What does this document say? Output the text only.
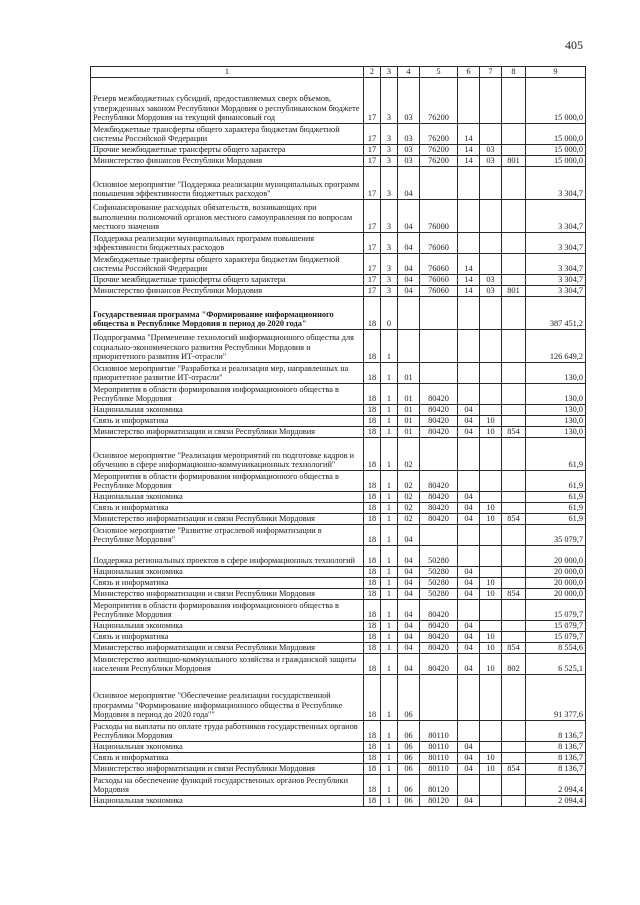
405
1	2	3	4	5	6	7	8	9
Резерв межбюджетных субсидий, предоставляемых сверх объемов, утвержденных законом Республики Мордовия о республиканском бюджете Республики Мордовия на текущий финансовый год	17	3	03	76200				15 000,0
Межбюджетные трансферты общего характера бюджетам бюджетной системы Российской Федерации	17	3	03	76200	14			15 000,0
Прочие межбюджетные трансферты общего характера	17	3	03	76200	14	03		15 000,0
Министерство финансов Республики Мордовия	17	3	03	76200	14	03	801	15 000,0
Основное мероприятие "Поддержка реализации муниципальных программ повышения эффективности бюджетных расходов"	17	3	04					3 304,7
Софинансирование расходных обязательств, возникающих при выполнении полномочий органов местного самоуправления по вопросам местного значения	17	3	04	76000				3 304,7
Поддержка реализации муниципальных программ повышения эффективности бюджетных расходов	17	3	04	76060				3 304,7
Межбюджетные трансферты общего характера бюджетам бюджетной системы Российской Федерации	17	3	04	76060	14			3 304,7
Прочие межбюджетные трансферты общего характера	17	3	04	76060	14	03		3 304,7
Министерство финансов Республики Мордовия	17	3	04	76060	14	03	801	3 304,7
Государственная программа "Формирование информационного общества в Республике Мордовия в период до 2020 года"	18	0						387 451,2
Подпрограмма "Применение технологий информационного общества для социально-экономического развития Республики Мордовия и приоритетного развития ИТ-отрасли"	18	1						126 649,2
Основное мероприятие "Разработка и реализация мер, направленных на приоритетное развитие ИТ-отрасли"	18	1	01					130,0
Мероприятия в области формирования информационного общества в Республике Мордовия	18	1	01	80420				130,0
Национальная экономика	18	1	01	80420	04			130,0
Связь и информатика	18	1	01	80420	04	10		130,0
Министерство информатизации и связи Республики Мордовия	18	1	01	80420	04	10	854	130,0
Основное мероприятие "Реализация мероприятий по подготовке кадров и обучению в сфере информационно-коммуникационных технологий"	18	1	02					61,9
Мероприятия в области формирования информационного общества в Республике Мордовия	18	1	02	80420				61,9
Национальная экономика	18	1	02	80420	04			61,9
Связь и информатика	18	1	02	80420	04	10		61,9
Министерство информатизации и связи Республики Мордовия	18	1	02	80420	04	10	854	61,9
Основное мероприятие "Развитие отраслевой информатизации в Республике Мордовия"	18	1	04					35 079,7
Поддержка региональных проектов в сфере информационных технологий	18	1	04	50280				20 000,0
Национальная экономика	18	1	04	50280	04			20 000,0
Связь и информатика	18	1	04	50280	04	10		20 000,0
Министерство информатизации и связи Республики Мордовия	18	1	04	50280	04	10	854	20 000,0
Мероприятия в области формирования информационного общества в Республике Мордовия	18	1	04	80420				15 079,7
Национальная экономика	18	1	04	80420	04			15 079,7
Связь и информатика	18	1	04	80420	04	10		15 079,7
Министерство информатизации и связи Республики Мордовия	18	1	04	80420	04	10	854	8 554,6
Министерство жилищно-коммунального хозяйства и гражданской защиты населения Республики Мордовия	18	1	04	80420	04	10	802	6 525,1
Основное мероприятие "Обеспечение реализации государственной программы "Формирование информационного общества в Республике Мордовия в период до 2020 года""	18	1	06					91 377,6
Расходы на выплаты по оплате труда работников государственных органов Республики Мордовия	18	1	06	80110				8 136,7
Национальная экономика	18	1	06	80110	04			8 136,7
Связь и информатика	18	1	06	80110	04	10		8 136,7
Министерство информатизации и связи Республики Мордовия	18	1	06	80110	04	10	854	8 136,7
Расходы на обеспечение функций государственных органов Республики Мордовия	18	1	06	80120				2 094,4
Национальная экономика	18	1	06	80120	04			2 094,4
